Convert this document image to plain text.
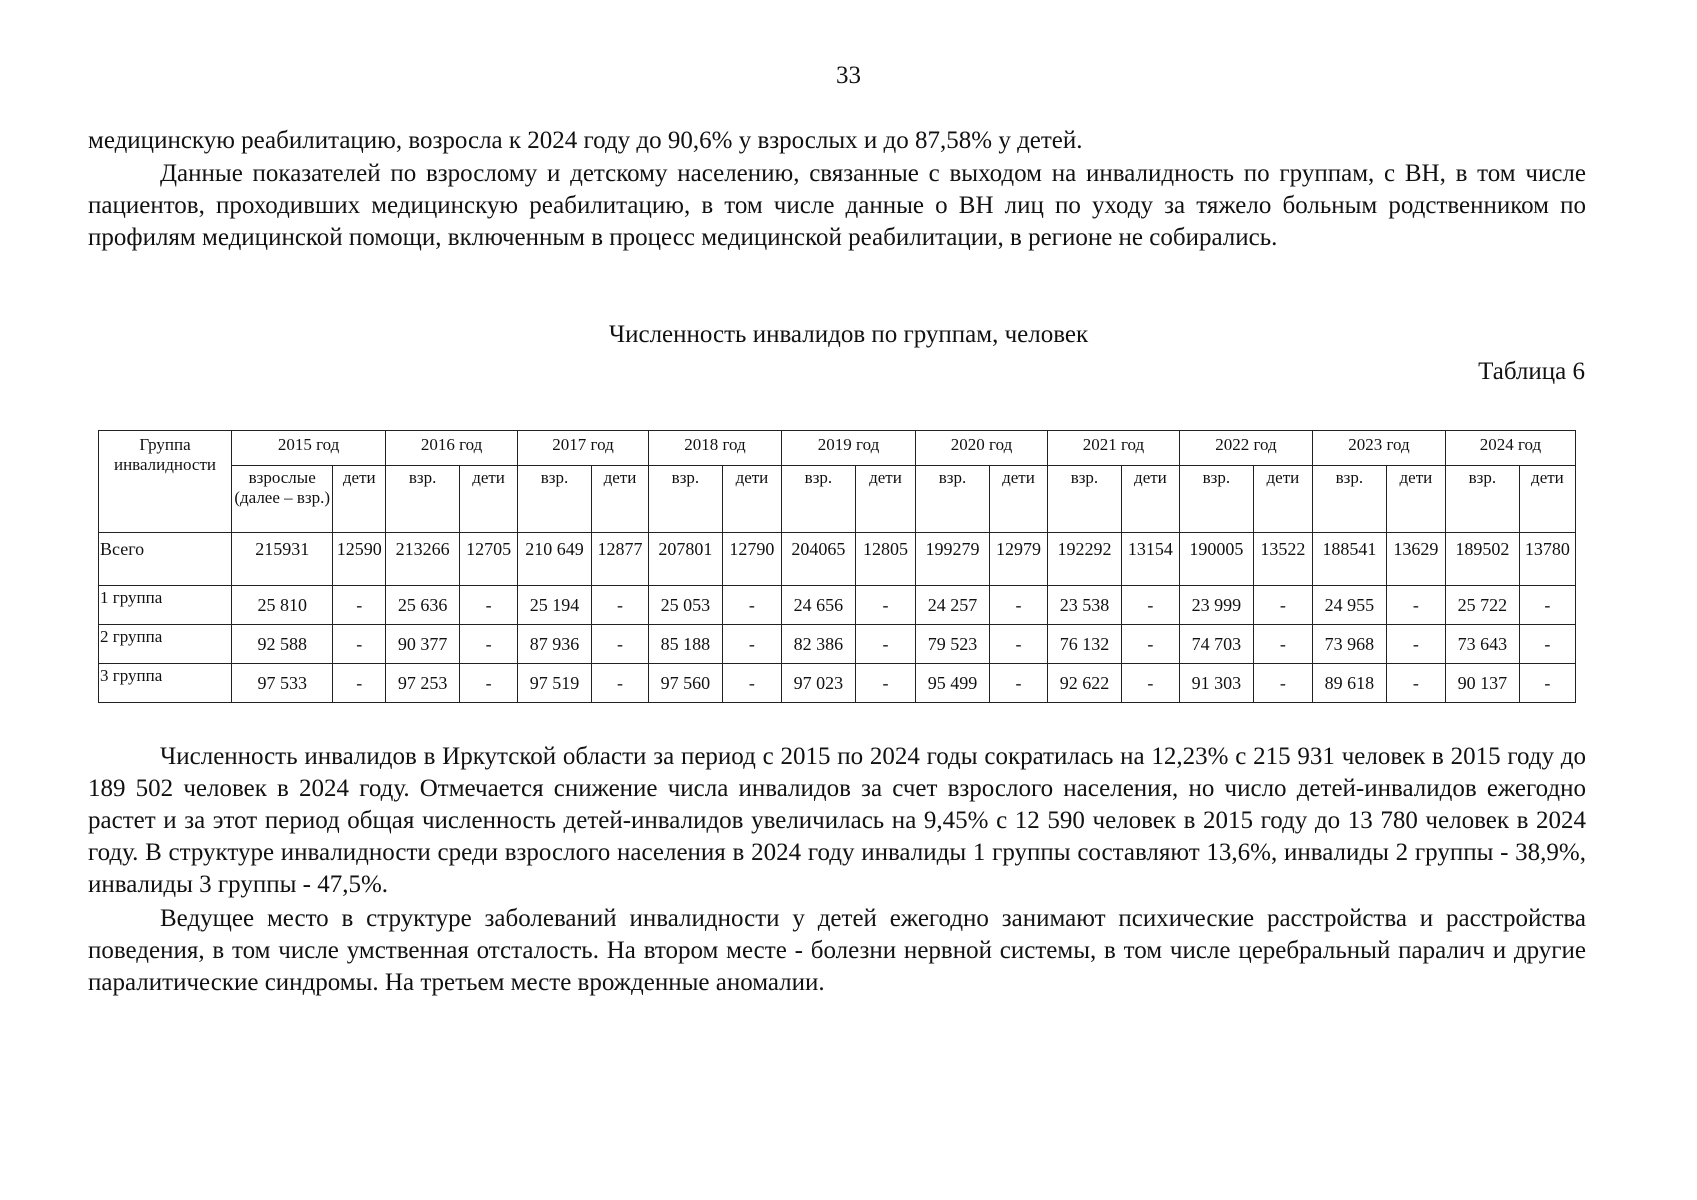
33

медицинскую реабилитацию, возросла к 2024 году до 90,6% у взрослых и до 87,58% у детей.

Данные показателей по взрослому и детскому населению, связанные с выходом на инвалидность по группам, с ВН, в том числе пациентов, проходивших медицинскую реабилитацию, в том числе данные о ВН лиц по уходу за тяжело больным родственником по профилям медицинской помощи, включенным в процесс медицинской реабилитации, в регионе не собирались.

Численность инвалидов по группам, человек
Таблица 6
Группа инвалидности	2015 год		2016 год		2017 год		2018 год		2019 год		2020 год		2021 год		2022 год		2023 год		2024 год	
	взрослые (далее – взр.)	дети	взр.	дети	взр.	дети	взр.	дети	взр.	дети	взр.	дети	взр.	дети	взр.	дети	взр.	дети	взр.	дети
Всего	215931	12590	213266	12705	210 649	12877	207801	12790	204065	12805	199279	12979	192292	13154	190005	13522	188541	13629	189502	13780
1 группа	25 810	-	25 636	-	25 194	-	25 053	-	24 656	-	24 257	-	23 538	-	23 999	-	24 955	-	25 722	-
2 группа	92 588	-	90 377	-	87 936	-	85 188	-	82 386	-	79 523	-	76 132	-	74 703	-	73 968	-	73 643	-
3 группа	97 533	-	97 253	-	97 519	-	97 560	-	97 023	-	95 499	-	92 622	-	91 303	-	89 618	-	90 137	-

Численность инвалидов в Иркутской области за период с 2015 по 2024 годы сократилась на 12,23% с 215 931 человек в 2015 году до 189 502 человек в 2024 году. Отмечается снижение числа инвалидов за счет взрослого населения, но число детей-инвалидов ежегодно растет и за этот период общая численность детей-инвалидов увеличилась на 9,45% с 12 590 человек в 2015 году до 13 780 человек в 2024 году. В структуре инвалидности среди взрослого населения в 2024 году инвалиды 1 группы составляют 13,6%, инвалиды 2 группы - 38,9%, инвалиды 3 группы - 47,5%.

Ведущее место в структуре заболеваний инвалидности у детей ежегодно занимают психические расстройства и расстройства поведения, в том числе умственная отсталость. На втором месте - болезни нервной системы, в том числе церебральный паралич и другие паралитические синдромы. На третьем месте врожденные аномалии.
